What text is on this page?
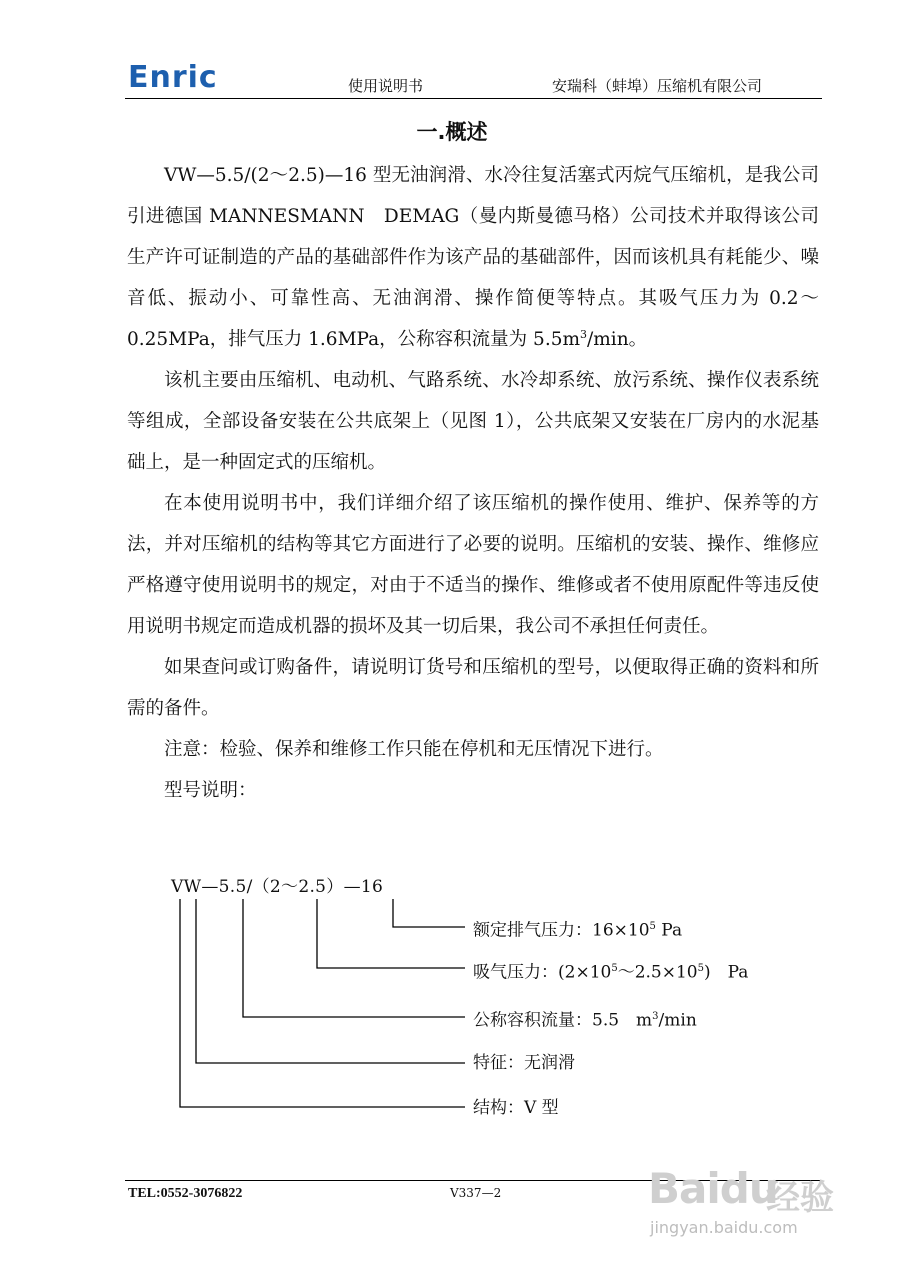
Enric	使用说明书	安瑞科（蚌埠）压缩机有限公司
一.概述

VW—5.5/(2～2.5)—16 型无油润滑、水冷往复活塞式丙烷气压缩机，是我公司引进德国 MANNESMANN　DEMAG（曼内斯曼德马格）公司技术并取得该公司生产许可证制造的产品的基础部件作为该产品的基础部件，因而该机具有耗能少、噪音低、振动小、可靠性高、无油润滑、操作简便等特点。其吸气压力为 0.2～0.25MPa，排气压力 1.6MPa，公称容积流量为 $5.5m^3/\min$。

该机主要由压缩机、电动机、气路系统、水冷却系统、放污系统、操作仪表系统等组成，全部设备安装在公共底架上（见图 1），公共底架又安装在厂房内的水泥基础上，是一种固定式的压缩机。

在本使用说明书中，我们详细介绍了该压缩机的操作使用、维护、保养等的方法，并对压缩机的结构等其它方面进行了必要的说明。压缩机的安装、操作、维修应严格遵守使用说明书的规定，对由于不适当的操作、维修或者不使用原配件等违反使用说明书规定而造成机器的损坏及其一切后果，我公司不承担任何责任。

如果查问或订购备件，请说明订货号和压缩机的型号，以便取得正确的资料和所需的备件。

注意：检验、保养和维修工作只能在停机和无压情况下进行。

型号说明：

VW—5.5/（2～2.5）—16
额定排气压力：$16\times 10^5$ Pa
吸气压力：$(2\times 10^5\sim 2.5\times 10^5)$　Pa
公称容积流量：5.5　$m^3/\min$
特征：无润滑
结构：V 型
TEL:0552-3076822	V337—2	Baidu
经验
jingyan.baidu.com
